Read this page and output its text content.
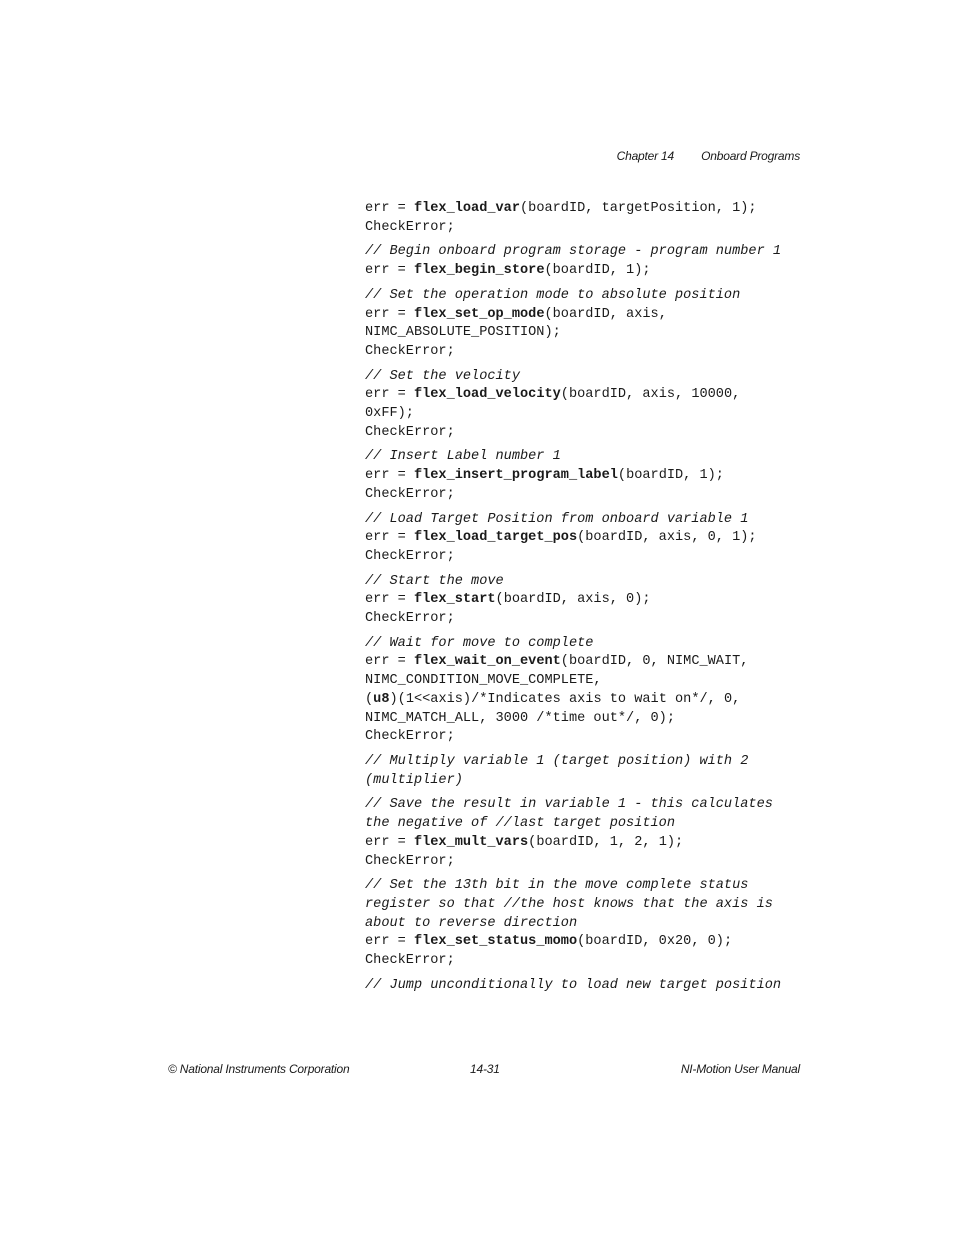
Chapter 14 Onboard Programs
err = flex_load_var(boardID, targetPosition, 1);
CheckError;
// Begin onboard program storage - program number 1
err = flex_begin_store(boardID, 1);
// Set the operation mode to absolute position
err = flex_set_op_mode(boardID, axis,
NIMC_ABSOLUTE_POSITION);
CheckError;
// Set the velocity
err = flex_load_velocity(boardID, axis, 10000,
0xFF);
CheckError;
// Insert Label number 1
err = flex_insert_program_label(boardID, 1);
CheckError;
// Load Target Position from onboard variable 1
err = flex_load_target_pos(boardID, axis, 0, 1);
CheckError;
// Start the move
err = flex_start(boardID, axis, 0);
CheckError;
// Wait for move to complete
err = flex_wait_on_event(boardID, 0, NIMC_WAIT,
NIMC_CONDITION_MOVE_COMPLETE,
(u8)(1<<axis)/*Indicates axis to wait on*/, 0,
NIMC_MATCH_ALL, 3000 /*time out*/, 0);
CheckError;
// Multiply variable 1 (target position) with 2
(multiplier)
// Save the result in variable 1 - this calculates
the negative of //last target position
err = flex_mult_vars(boardID, 1, 2, 1);
CheckError;
// Set the 13th bit in the move complete status
register so that //the host knows that the axis is
about to reverse direction
err = flex_set_status_momo(boardID, 0x20, 0);
CheckError;
// Jump unconditionally to load new target position
© National Instruments Corporation	14-31	NI-Motion User Manual
